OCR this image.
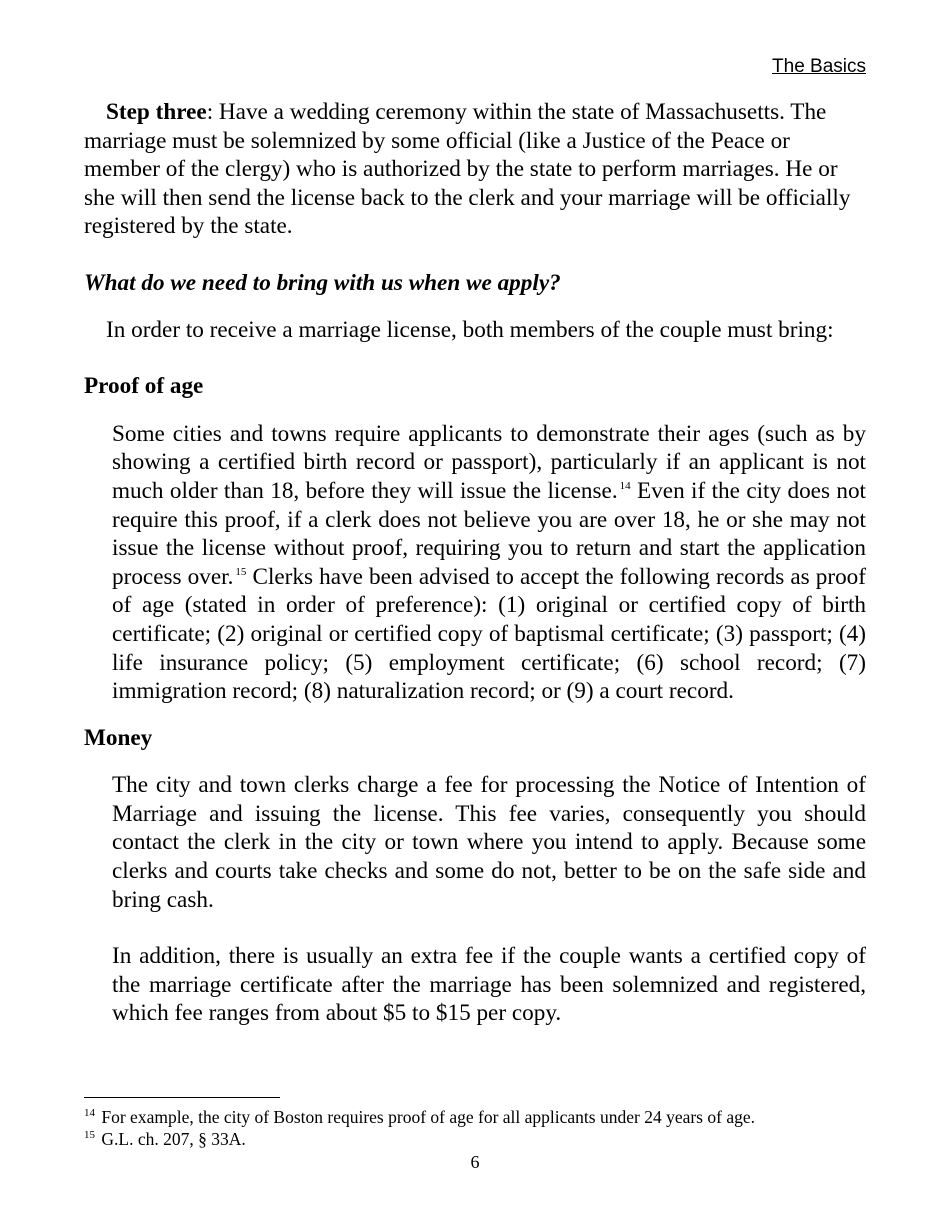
The Basics

Step three: Have a wedding ceremony within the state of Massachusetts. The marriage must be solemnized by some official (like a Justice of the Peace or member of the clergy) who is authorized by the state to perform marriages. He or she will then send the license back to the clerk and your marriage will be officially registered by the state.

What do we need to bring with us when we apply?

In order to receive a marriage license, both members of the couple must bring:

Proof of age

Some cities and towns require applicants to demonstrate their ages (such as by showing a certified birth record or passport), particularly if an applicant is not much older than 18, before they will issue the license. $^{14}$ Even if the city does not require this proof, if a clerk does not believe you are over 18, he or she may not issue the license without proof, requiring you to return and start the application process over. $^{15}$ Clerks have been advised to accept the following records as proof of age (stated in order of preference): (1) original or certified copy of birth certificate; (2) original or certified copy of baptismal certificate; (3) passport; (4) life insurance policy; (5) employment certificate; (6) school record; (7) immigration record; (8) naturalization record; or (9) a court record.

Money

The city and town clerks charge a fee for processing the Notice of Intention of Marriage and issuing the license. This fee varies, consequently you should contact the clerk in the city or town where you intend to apply. Because some clerks and courts take checks and some do not, better to be on the safe side and bring cash.

In addition, there is usually an extra fee if the couple wants a certified copy of the marriage certificate after the marriage has been solemnized and registered, which fee ranges from about $5 to $15 per copy.

$^{14}$ For example, the city of Boston requires proof of age for all applicants under 24 years of age.
$^{15}$ G.L. ch. 207, § 33A.
6
